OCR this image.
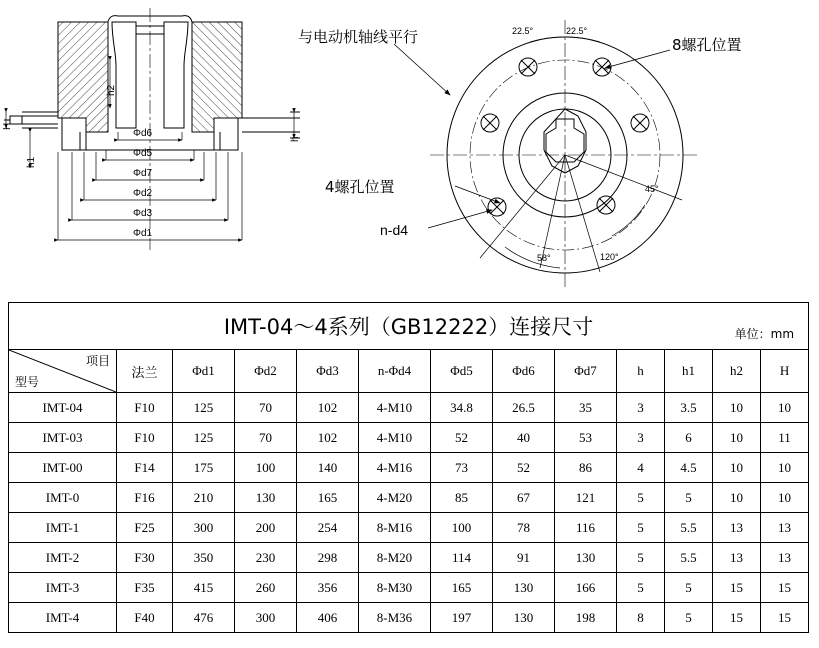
与电动机轴线平行	8螺孔位置
4螺孔位置
n-d4
22.5°	22.5°
45°
58°	120°
Φd6
Φd5
Φd7
Φd2
Φd3
Φd1
h2
h1
h
H
IMT-04～4系列（GB12222）连接尺寸 单位：mm												

项目
型号	法兰	Φd1	Φd2	Φd3	n-Φd4	Φd5	Φd6	Φd7	h	h1	h2	H
IMT-04	F10	125	70	102	4-M10	34.8	26.5	35	3	3.5	10	10
IMT-03	F10	125	70	102	4-M10	52	40	53	3	6	10	11
IMT-00	F14	175	100	140	4-M16	73	52	86	4	4.5	10	10
IMT-0	F16	210	130	165	4-M20	85	67	121	5	5	10	10
IMT-1	F25	300	200	254	8-M16	100	78	116	5	5.5	13	13
IMT-2	F30	350	230	298	8-M20	114	91	130	5	5.5	13	13
IMT-3	F35	415	260	356	8-M30	165	130	166	5	5	15	15
IMT-4	F40	476	300	406	8-M36	197	130	198	8	5	15	15
